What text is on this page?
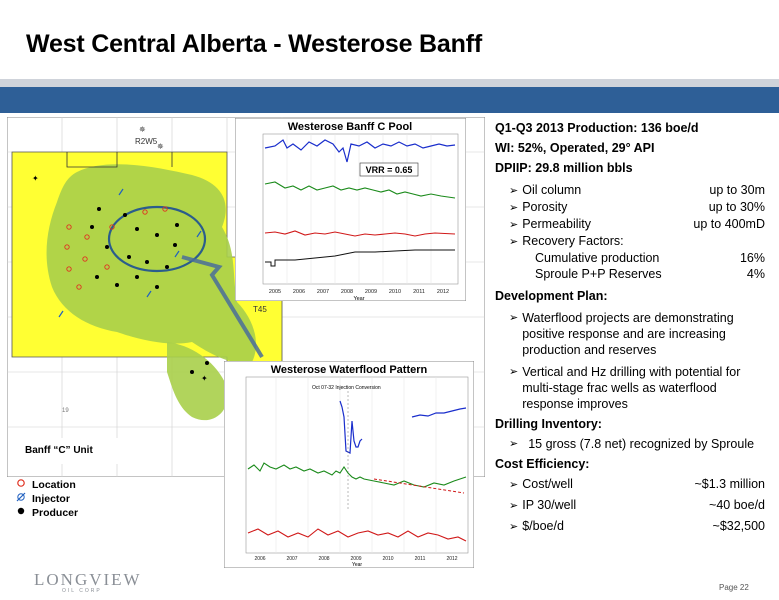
West Central Alberta - Westerose Banff
✦
✦
✵
✵
R2W5
T45
19
Banff “C” Unit
Westerose Banff C Pool
VRR = 0.65
2005 2006 2007 2008 2009 2010 2011 2012
Year
Westerose Waterflood Pattern
Oct 07-32 Injection Conversion
2006	2007	2008	2009	2010	2011	2012
Year
Location
Injector
Producer
Q1-Q3 2013 Production: 136 boe/d
WI: 52%, Operated, 29° API
DPIIP: 29.8 million bbls
➢ Oil column	up to 30m
➢ Porosity	up to 30%
➢ Permeability	up to 400mD
➢ Recovery Factors:
Cumulative production	16%
Sproule P+P Reserves	4%
Development Plan:
➢ Waterflood projects are demonstrating positive response and are increasing production and reserves
➢ Vertical and Hz drilling with potential for multi-stage frac wells as waterflood response improves
Drilling Inventory:
➢ 15 gross (7.8 net) recognized by Sproule
Cost Efficiency:
➢ Cost/well	~$1.3 million
➢ IP 30/well	~40 boe/d
➢ $/boe/d	~$32,500
LONGVIEW
OIL CORP	Page 22
